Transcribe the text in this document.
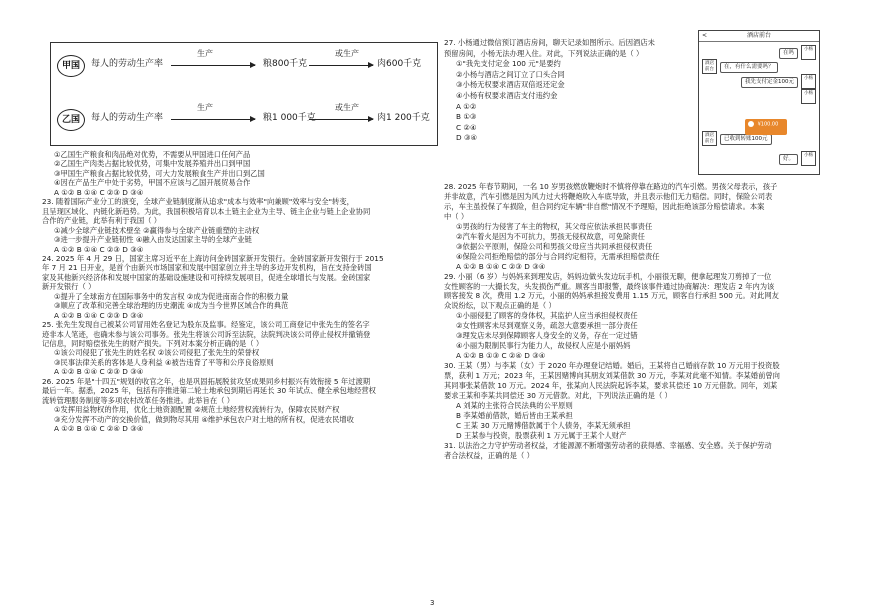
甲国	每人的劳动生产率
生产
粮800千克
或生产
肉600千克
乙国	每人的劳动生产率
生产
粮1 000千克
或生产
肉1 200千克
①乙国生产粮食和肉品绝对优势，不需要从甲国进口任何产品
②乙国生产肉类占据比较优势，可集中发展养殖并出口到甲国
③甲国生产粮食占据比较优势，可大力发展粮食生产并出口到乙国
④因在产品生产中处于劣势，甲国不应该与乙国开展贸易合作
A ①② B ①④ C ②③ D ③④
23. 随着国际产业分工的演变，全球产业链制度渐从追求"成本与效率"向兼顾"效率与安全"转变，
且呈现区域化、内链化新趋势。为此，我国积极培育以本土链主企业为主导、链主企业与链上企业协同
合作的产业链，此举有利于我国（ ）
①减少全球产业链技术壁垒 ②赢得参与全球产业链重塑的主动权
③进一步提升产业链韧性 ④融入由发达国家主导的全球产业链
A ①② B ①④ C ②③ D ③④
24. 2025 年 4 月 29 日，国家主席习近平在上海访问金砖国家新开发银行。金砖国家新开发银行于 2015
年 7 月 21 日开业，是首个由新兴市场国家和发展中国家创立并主导的多边开发机构，旨在支持金砖国
家及其他新兴经济体和发展中国家的基础设施建设和可持续发展项目，促进全球增长与发展。金砖国家
新开发银行（ ）
①提升了全球南方在国际事务中的发言权 ②成为促进南南合作的积极力量
③顺应了改革和完善全球治理的历史潮流 ④成为当今世界区域合作的典范
A ①② B ①④ C ②③ D ③④
25. 张先生发现自己被某公司冒用姓名登记为股东及监事。经鉴定，该公司工商登记中张先生的签名字
迹非本人笔迹，也确未参与该公司事务。张先生将该公司诉至法院，法院判决该公司停止侵权并撤销登
记信息，同时赔偿张先生的财产损失。下列对本案分析正确的是（ ）
①该公司侵犯了张先生的姓名权 ②该公司侵犯了张先生的荣誉权
③民事法律关系的客体是人身利益 ④被告违背了平等和公序良俗原则
A ①② B ①④ C ②③ D ③④
26. 2025 年是"十四五"规划的收官之年，也是巩固拓展脱贫攻坚成果同乡村振兴有效衔接 5 年过渡期
最后一年。据悉，2025 年，包括有序推进第二轮土地承包到期后再延长 30 年试点、健全承包地经营权
流转管理服务制度等多项农村改革任务推进。此举旨在（ ）
①发挥用益物权的作用，优化土地资源配置 ②规范土地经营权流转行为，保障农民财产权
③充分发挥不动产的交换价值，做到物尽其用 ④维护承包农户对土地的所有权，促进农民增收
A ①② B ①④ C ②④ D ③④
27. 小杨通过微信预订酒店房间，聊天记录如图所示。后因酒店未
预留房间，小杨无法办理入住。对此，下列说法正确的是（ ）
①"我先支付定金 100 元"是要约
②小杨与酒店之间订立了口头合同
③小杨无权要求酒店双倍返还定金
④小杨有权要求酒店支付违约金
A ①②
B ①③
C ②④
D ③④
28. 2025 年春节期间，一名 10 岁男孩燃放鞭炮时不慎将停靠在路边的汽车引燃。男孩父母表示，孩子
并非故意，汽车引燃是因为风力过大将鞭炮吹入车底导致，并且表示他们无力赔偿。同时，保险公司表
示，车主虽投保了车损险，但合同约定车辆"非自燃"情况不予理赔，因此拒绝该部分赔偿请求。本案
中（ ）
①男孩的行为侵害了车主的物权，其父母应依法承担民事责任
②汽车着火是因为不可抗力，男孩无侵权故意，可免除责任
③依据公平原则，保险公司和男孩父母应当共同承担侵权责任
④保险公司拒绝赔偿的部分与合同约定相符，无需承担赔偿责任
A ①② B ①④ C ②③ D ③④
29. 小丽（6 岁）与妈妈来到理发店，妈妈边做头发边玩手机，小丽很无聊，便拿起理发刀剪掉了一位
女性顾客的一大撮长发，头发损伤严重。顾客当即报警，最终该事件通过协商解决：理发店 2 年内为该
顾客接发 8 次，费用 1.2 万元，小丽的妈妈承担接发费用 1.15 万元，顾客自行承担 500 元。对此网友
众说纷纭，以下观点正确的是（ ）
①小丽侵犯了顾客的身体权，其监护人应当承担侵权责任
②女性顾客未尽到观察义务，疏忽大意要承担一部分责任
③理发店未尽到保障顾客人身安全的义务，存在一定过错
④小丽为限制民事行为能力人，故侵权人应是小丽妈妈
A ①② B ①③ C ②④ D ③④
30. 王某（男）与李某（女）于 2020 年办理登记结婚。婚后，王某将自己婚前存款 10 万元用于投资股
票，获利 1 万元；2023 年，王某因赌博向其朋友刘某借款 30 万元，李某对此毫不知情。李某婚前曾向
其同事张某借款 10 万元。2024 年，张某向人民法院起诉李某，要求其偿还 10 万元借款。同年，刘某
要求王某和李某共同偿还 30 万元借款。对此，下列说法正确的是（ ）
A 刘某的主张符合民法典的公平原则
B 李某婚前借款，婚后皆由王某承担
C 王某 30 万元赌博借款属于个人债务，李某无须承担
D 王某参与投资，股票获利 1 万元属于王某个人财产
31. 以法治之力守护劳动者权益，才能源源不断增强劳动者的获得感、幸福感、安全感。关于保护劳动
者合法权益，正确的是（ ）
<	酒店前台
小杨
在吗
酒店前台	在，有什么需要吗？
小杨
我先支付定金100元
小杨
酒店前台	已收到转账100元
小杨
好。
¥100.00
3
